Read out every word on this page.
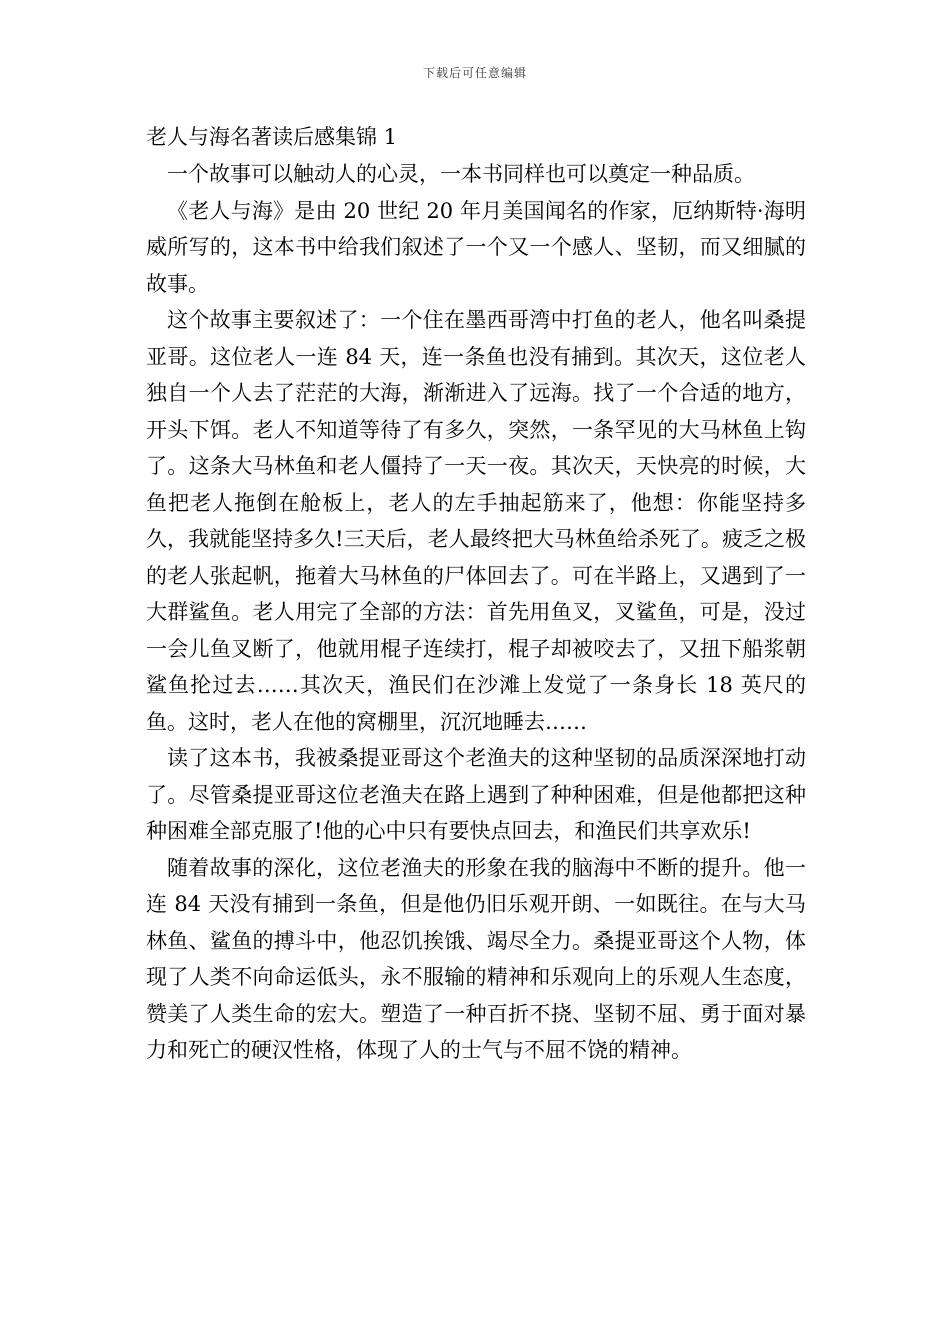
下载后可任意编辑
老人与海名著读后感集锦 1

一个故事可以触动人的心灵，一本书同样也可以奠定一种品质。

《老人与海》是由 20 世纪 20 年月美国闻名的作家，厄纳斯特·海明威所写的，这本书中给我们叙述了一个又一个感人、坚韧，而又细腻的故事。

这个故事主要叙述了：一个住在墨西哥湾中打鱼的老人，他名叫桑提亚哥。这位老人一连 84 天，连一条鱼也没有捕到。其次天，这位老人独自一个人去了茫茫的大海，渐渐进入了远海。找了一个合适的地方，开头下饵。老人不知道等待了有多久，突然，一条罕见的大马林鱼上钩了。这条大马林鱼和老人僵持了一天一夜。其次天，天快亮的时候，大鱼把老人拖倒在舱板上，老人的左手抽起筋来了，他想：你能坚持多久，我就能坚持多久!三天后，老人最终把大马林鱼给杀死了。疲乏之极的老人张起帆，拖着大马林鱼的尸体回去了。可在半路上，又遇到了一大群鲨鱼。老人用完了全部的方法：首先用鱼叉，叉鲨鱼，可是，没过一会儿鱼叉断了，他就用棍子连续打，棍子却被咬去了，又扭下船浆朝鲨鱼抡过去……其次天，渔民们在沙滩上发觉了一条身长 18 英尺的鱼。这时，老人在他的窝棚里，沉沉地睡去……

读了这本书，我被桑提亚哥这个老渔夫的这种坚韧的品质深深地打动了。尽管桑提亚哥这位老渔夫在路上遇到了种种困难，但是他都把这种种困难全部克服了!他的心中只有要快点回去，和渔民们共享欢乐!

随着故事的深化，这位老渔夫的形象在我的脑海中不断的提升。他一连 84 天没有捕到一条鱼，但是他仍旧乐观开朗、一如既往。在与大马林鱼、鲨鱼的搏斗中，他忍饥挨饿、竭尽全力。桑提亚哥这个人物，体现了人类不向命运低头，永不服输的精神和乐观向上的乐观人生态度，赞美了人类生命的宏大。塑造了一种百折不挠、坚韧不屈、勇于面对暴力和死亡的硬汉性格，体现了人的士气与不屈不饶的精神。
